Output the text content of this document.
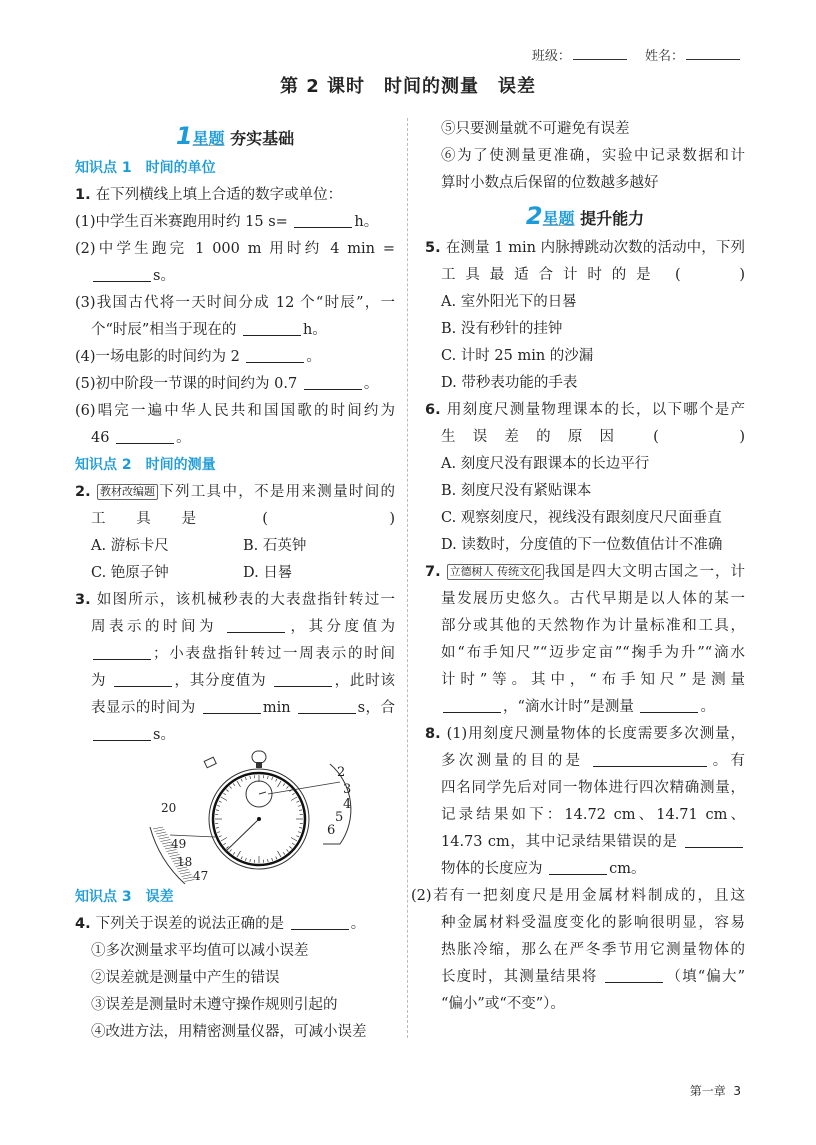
班级：	姓名：
第 2 课时　时间的测量　误差
1星题 夯实基础
知识点 1　时间的单位
1. 在下列横线上填上合适的数字或单位：
(1)中学生百米赛跑用时约 15 s=	h。
(2)中学生跑完 1 000 m 用时约 4 min =
s。
(3)我国古代将一天时间分成 12 个“时辰”，一
个“时辰”相当于现在的	h。
(4)一场电影的时间约为 2	。
(5)初中阶段一节课的时间约为 0.7	。
(6)唱完一遍中华人民共和国国歌的时间约为
46	。
知识点 2　时间的测量
2. 教材改编题 下列工具中，不是用来测量时间的
工具是 (　　)
A. 游标卡尺	B. 石英钟
C. 铯原子钟	D. 日晷
3. 如图所示，该机械秒表的大表盘指针转过一
周表示的时间为	，其分度值为
；小表盘指针转过一周表示的时间
为	，其分度值为	，此时该
表显示的时间为	min	s，合
s。
2
3
4
5
6
20
49
18
47
知识点 3　误差
4. 下列关于误差的说法正确的是	。
①多次测量求平均值可以减小误差
②误差就是测量中产生的错误
③误差是测量时未遵守操作规则引起的
④改进方法，用精密测量仪器，可减小误差
⑤只要测量就不可避免有误差
⑥为了使测量更准确，实验中记录数据和计
算时小数点后保留的位数越多越好
2星题 提升能力
5. 在测量 1 min 内脉搏跳动次数的活动中，下列
工具最适合计时的是 (　　)
A. 室外阳光下的日晷
B. 没有秒针的挂钟
C. 计时 25 min 的沙漏
D. 带秒表功能的手表
6. 用刻度尺测量物理课本的长，以下哪个是产
生误差的原因 (　　)
A. 刻度尺没有跟课本的长边平行
B. 刻度尺没有紧贴课本
C. 观察刻度尺，视线没有跟刻度尺尺面垂直
D. 读数时，分度值的下一位数值估计不准确
7. 立德树人 传统文化 我国是四大文明古国之一，计
量发展历史悠久。古代早期是以人体的某一
部分或其他的天然物作为计量标准和工具，
如“布手知尺”“迈步定亩”“掬手为升”“滴水
计时”等。其中，“布手知尺”是测量
，“滴水计时”是测量	。
8. (1)用刻度尺测量物体的长度需要多次测量，
多次测量的目的是	。有
四名同学先后对同一物体进行四次精确测量，
记录结果如下：14.72 cm、14.71 cm、
14.73 cm，其中记录结果错误的是
物体的长度应为	cm。
(2)若有一把刻度尺是用金属材料制成的，且这
种金属材料受温度变化的影响很明显，容易
热胀冷缩，那么在严冬季节用它测量物体的
长度时，其测量结果将	（填“偏大”
“偏小”或“不变”）。
第一章 3
